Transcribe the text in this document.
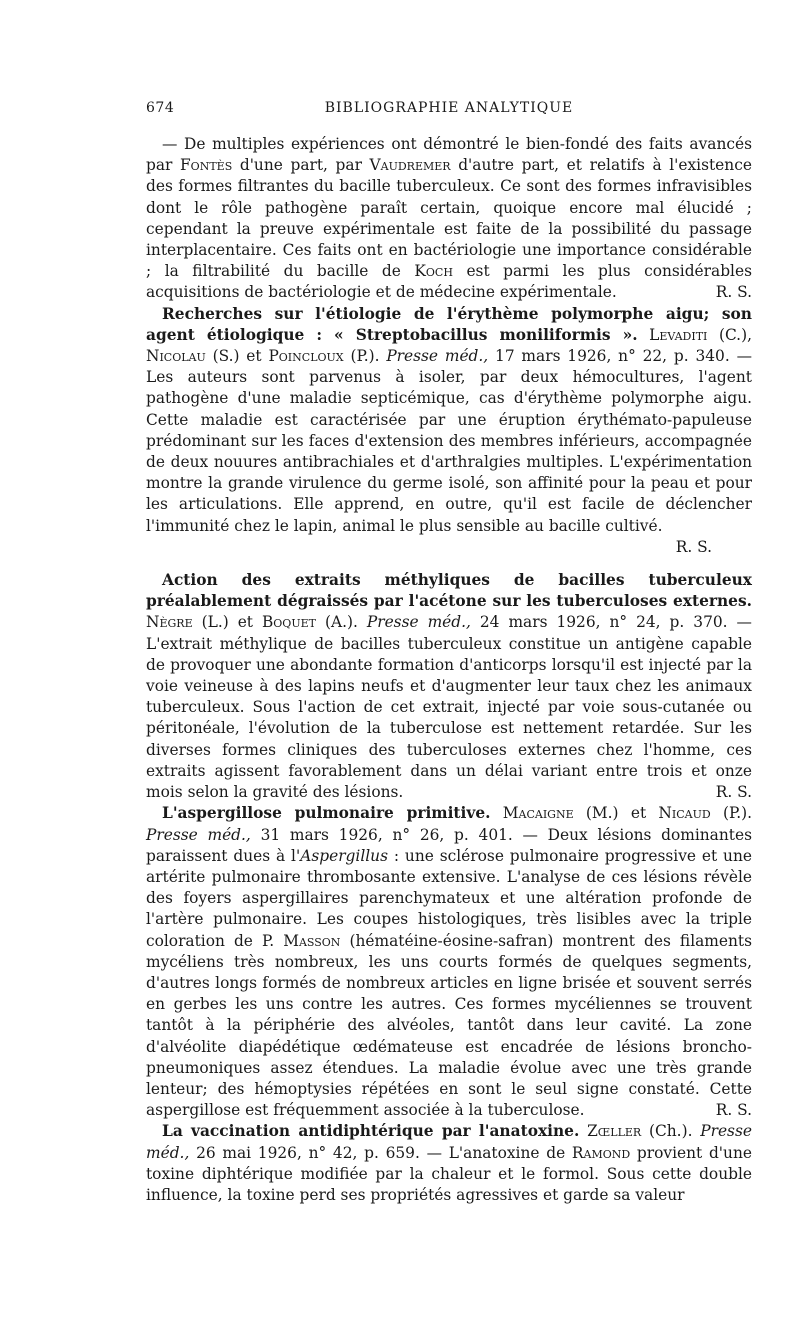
674	BIBLIOGRAPHIE ANALYTIQUE

— De multiples expériences ont démontré le bien-fondé des faits avancés par Fontès d'une part, par Vaudremer d'autre part, et relatifs à l'existence des formes filtrantes du bacille tuberculeux. Ce sont des formes infravisibles dont le rôle pathogène paraît certain, quoique encore mal élucidé ; cependant la preuve expérimentale est faite de la possibilité du passage interplacentaire. Ces faits ont en bactériologie une importance considérable ; la filtrabilité du bacille de Koch est parmi les plus considérables acquisitions de bactériologie et de médecine expérimentale.	R. S.

Recherches sur l'étiologie de l'érythème polymorphe aigu; son agent étiologique : « Streptobacillus moniliformis ». Levaditi (C.), Nicolau (S.) et Poincloux (P.). Presse méd., 17 mars 1926, n° 22, p. 340. — Les auteurs sont parvenus à isoler, par deux hémocultures, l'agent pathogène d'une maladie septicémique, cas d'érythème polymorphe aigu. Cette maladie est caractérisée par une éruption érythémato-papuleuse prédominant sur les faces d'extension des membres inférieurs, accompagnée de deux nouures antibrachiales et d'arthralgies multiples. L'expérimentation montre la grande virulence du germe isolé, son affinité pour la peau et pour les articulations. Elle apprend, en outre, qu'il est facile de déclencher l'immunité chez le lapin, animal le plus sensible au bacille cultivé.

R. S.

Action des extraits méthyliques de bacilles tuberculeux préalablement dégraissés par l'acétone sur les tuberculoses externes. Nègre (L.) et Boquet (A.). Presse méd., 24 mars 1926, n° 24, p. 370. — L'extrait méthylique de bacilles tuberculeux constitue un antigène capable de provoquer une abondante formation d'anticorps lorsqu'il est injecté par la voie veineuse à des lapins neufs et d'augmenter leur taux chez les animaux tuberculeux. Sous l'action de cet extrait, injecté par voie sous-cutanée ou péritonéale, l'évolution de la tuberculose est nettement retardée. Sur les diverses formes cliniques des tuberculoses externes chez l'homme, ces extraits agissent favorablement dans un délai variant entre trois et onze mois selon la gravité des lésions.	R. S.

L'aspergillose pulmonaire primitive. Macaigne (M.) et Nicaud (P.). Presse méd., 31 mars 1926, n° 26, p. 401. — Deux lésions dominantes paraissent dues à l'Aspergillus : une sclérose pulmonaire progressive et une artérite pulmonaire thrombosante extensive. L'analyse de ces lésions révèle des foyers aspergillaires parenchymateux et une altération profonde de l'artère pulmonaire. Les coupes histologiques, très lisibles avec la triple coloration de P. Masson (hématéine-éosine-safran) montrent des filaments mycéliens très nombreux, les uns courts formés de quelques segments, d'autres longs formés de nombreux articles en ligne brisée et souvent serrés en gerbes les uns contre les autres. Ces formes mycéliennes se trouvent tantôt à la périphérie des alvéoles, tantôt dans leur cavité. La zone d'alvéolite diapédétique œdémateuse est encadrée de lésions broncho-pneumoniques assez étendues. La maladie évolue avec une très grande lenteur; des hémoptysies répétées en sont le seul signe constaté. Cette aspergillose est fréquemment associée à la tuberculose.	R. S.

La vaccination antidiphtérique par l'anatoxine. Zœller (Ch.). Presse méd., 26 mai 1926, n° 42, p. 659. — L'anatoxine de Ramond provient d'une toxine diphtérique modifiée par la chaleur et le formol. Sous cette double influence, la toxine perd ses propriétés agressives et garde sa valeur
